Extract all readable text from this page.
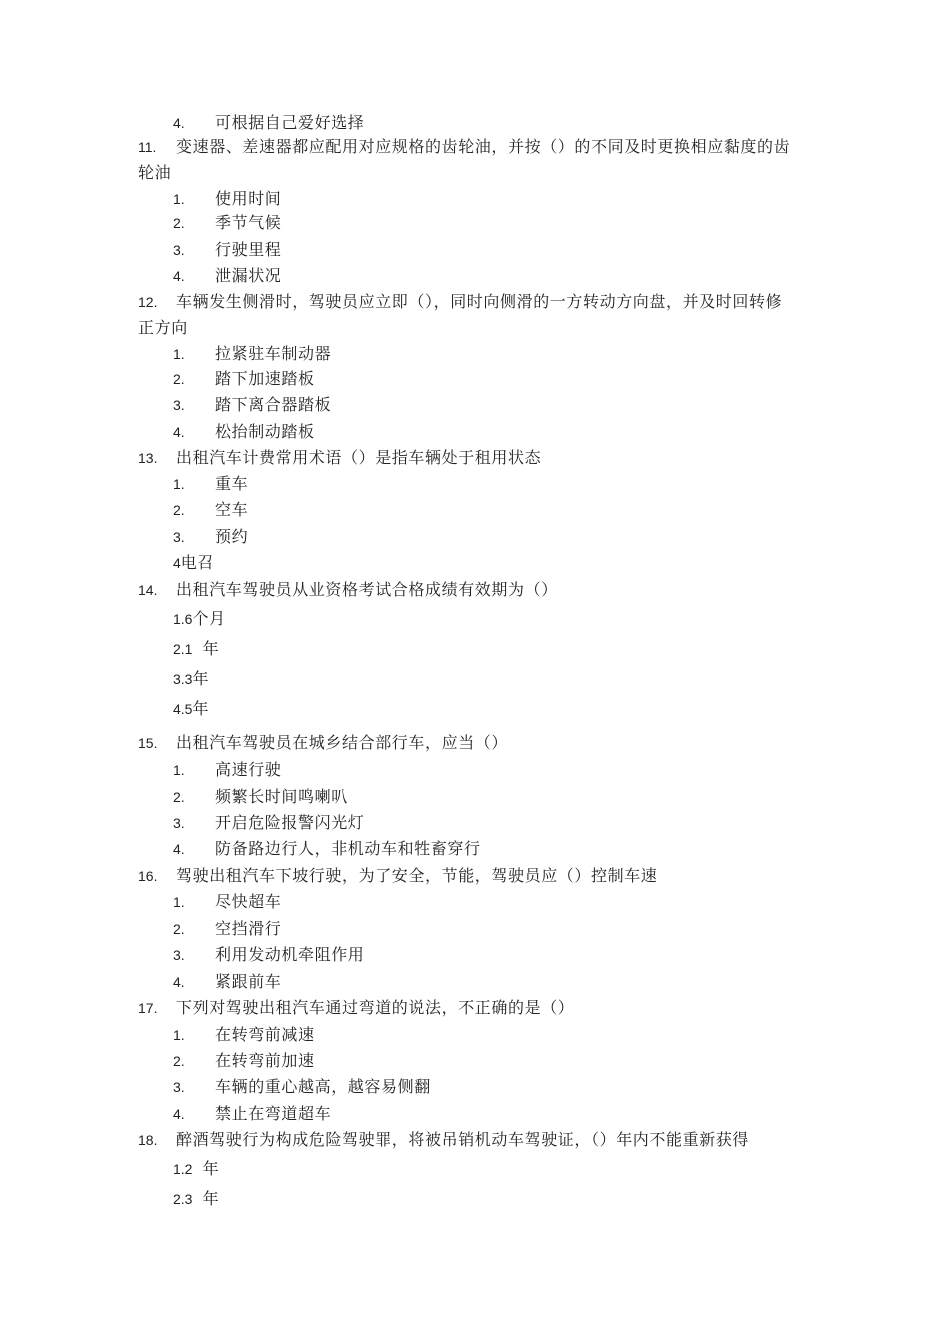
4. 可根据自己爱好选择
11. 变速器、差速器都应配用对应规格的齿轮油，并按（）的不同及时更换相应黏度的齿
轮油
1. 使用时间
2. 季节气候
3. 行驶里程
4. 泄漏状况
12. 车辆发生侧滑时，驾驶员应立即（），同时向侧滑的一方转动方向盘，并及时回转修
正方向
1. 拉紧驻车制动器
2. 踏下加速踏板
3. 踏下离合器踏板
4. 松抬制动踏板
13. 出租汽车计费常用术语（）是指车辆处于租用状态
1. 重车
2. 空车
3. 预约
4电召
14. 出租汽车驾驶员从业资格考试合格成绩有效期为（）
1.6个月
2.1 年
3.3年
4.5年
15. 出租汽车驾驶员在城乡结合部行车，应当（）
1. 高速行驶
2. 频繁长时间鸣喇叭
3. 开启危险报警闪光灯
4. 防备路边行人，非机动车和牲畜穿行
16. 驾驶出租汽车下坡行驶，为了安全，节能，驾驶员应（）控制车速
1. 尽快超车
2. 空挡滑行
3. 利用发动机牵阻作用
4. 紧跟前车
17. 下列对驾驶出租汽车通过弯道的说法，不正确的是（）
1. 在转弯前减速
2. 在转弯前加速
3. 车辆的重心越高，越容易侧翻
4. 禁止在弯道超车
18. 醉酒驾驶行为构成危险驾驶罪，将被吊销机动车驾驶证，（）年内不能重新获得
1.2 年
2.3 年
